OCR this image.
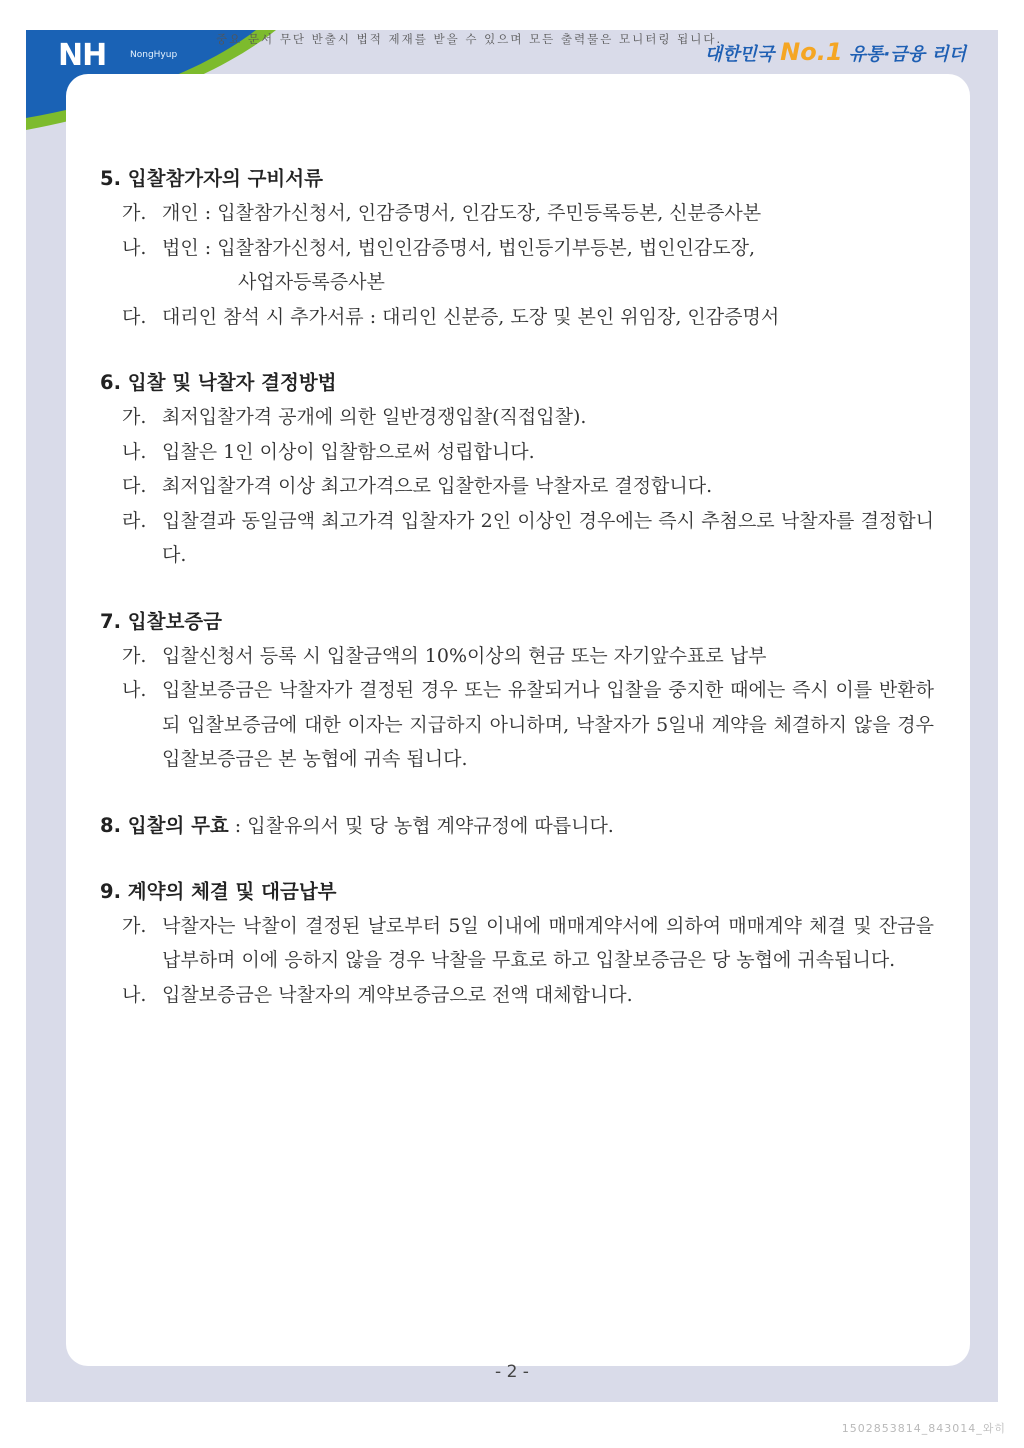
NH	NongHyup
중요 문서 무단 반출시 법적 제재를 받을 수 있으며 모든 출력물은 모니터링 됩니다.
대한민국 No.1 유통·금융 리더
5. 입찰참가자의 구비서류
가. 개인 : 입찰참가신청서, 인감증명서, 인감도장, 주민등록등본, 신분증사본
나. 법인 : 입찰참가신청서, 법인인감증명서, 법인등기부등본, 법인인감도장,
사업자등록증사본
다. 대리인 참석 시 추가서류 : 대리인 신분증, 도장 및 본인 위임장, 인감증명서
6. 입찰 및 낙찰자 결정방법
가. 최저입찰가격 공개에 의한 일반경쟁입찰(직접입찰).
나. 입찰은 1인 이상이 입찰함으로써 성립합니다.
다. 최저입찰가격 이상 최고가격으로 입찰한자를 낙찰자로 결정합니다.
라. 입찰결과 동일금액 최고가격 입찰자가 2인 이상인 경우에는 즉시 추첨으로 낙찰자를 결정합니다.
7. 입찰보증금
가. 입찰신청서 등록 시 입찰금액의 10%이상의 현금 또는 자기앞수표로 납부
나. 입찰보증금은 낙찰자가 결정된 경우 또는 유찰되거나 입찰을 중지한 때에는 즉시 이를 반환하되 입찰보증금에 대한 이자는 지급하지 아니하며, 낙찰자가 5일내 계약을 체결하지 않을 경우 입찰보증금은 본 농협에 귀속 됩니다.
8. 입찰의 무효 : 입찰유의서 및 당 농협 계약규정에 따릅니다.
9. 계약의 체결 및 대금납부
가. 낙찰자는 낙찰이 결정된 날로부터 5일 이내에 매매계약서에 의하여 매매계약 체결 및 잔금을 납부하며 이에 응하지 않을 경우 낙찰을 무효로 하고 입찰보증금은 당 농협에 귀속됩니다.
나. 입찰보증금은 낙찰자의 계약보증금으로 전액 대체합니다.
- 2 -
1502853814_843014_와히
